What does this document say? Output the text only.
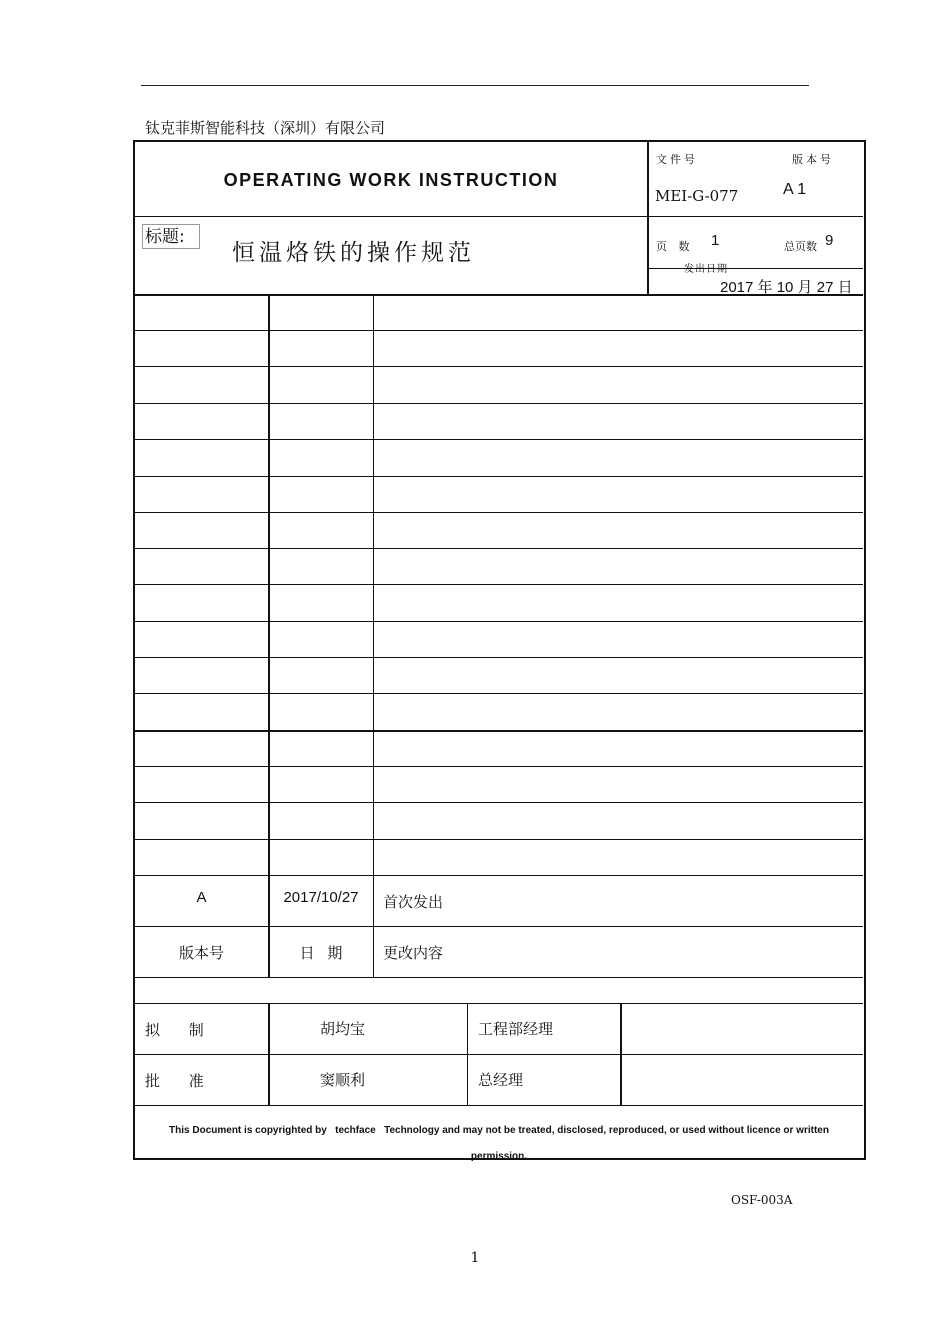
钛克菲斯智能科技（深圳）有限公司
OPERATING WORK INSTRUCTION
文件号	版本号
MEI-G-077	A 1
标题:
恒温烙铁的操作规范	页 数 1	总页数 9
发出日期
2017 年 10 月 27 日
A	2017/10/27	首次发出
版本号	日 期	更改内容
拟 制	胡均宝	工程部经理
批 准	窦顺利	总经理
This Document is copyrighted by   techface   Technology and may not be treated, disclosed, reproduced, or used without licence or written permission.
OSF-003A
1
